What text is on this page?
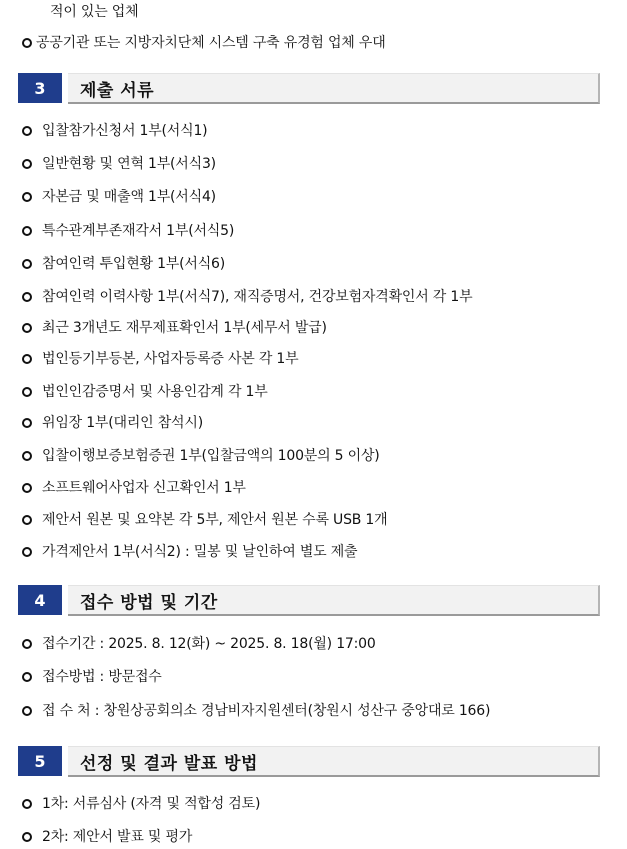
적이 있는 업체
공공기관 또는 지방자치단체 시스템 구축 유경험 업체 우대
3	제출 서류
입찰참가신청서 1부(서식1)
일반현황 및 연혁 1부(서식3)
자본금 및 매출액 1부(서식4)
특수관계부존재각서 1부(서식5)
참여인력 투입현황 1부(서식6)
참여인력 이력사항 1부(서식7), 재직증명서, 건강보험자격확인서 각 1부
최근 3개년도 재무제표확인서 1부(세무서 발급)
법인등기부등본, 사업자등록증 사본 각 1부
법인인감증명서 및 사용인감계 각 1부
위임장 1부(대리인 참석시)
입찰이행보증보험증권 1부(입찰금액의 100분의 5 이상)
소프트웨어사업자 신고확인서 1부
제안서 원본 및 요약본 각 5부, 제안서 원본 수록 USB 1개
가격제안서 1부(서식2) : 밀봉 및 날인하여 별도 제출
4	접수 방법 및 기간
접수기간 : 2025. 8. 12(화) ~ 2025. 8. 18(월) 17:00
접수방법 : 방문접수
접 수 처 : 창원상공회의소 경남비자지원센터(창원시 성산구 중앙대로 166)
5	선정 및 결과 발표 방법
1차: 서류심사 (자격 및 적합성 검토)
2차: 제안서 발표 및 평가
